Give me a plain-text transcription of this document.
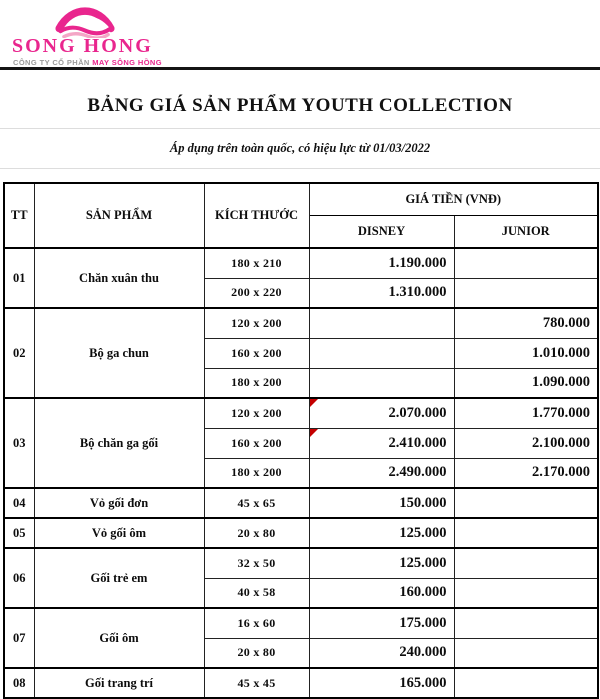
SONG HONG
CÔNG TY CỔ PHẦN MAY SÔNG HỒNG
BẢNG GIÁ SẢN PHẨM YOUTH COLLECTION
Áp dụng trên toàn quốc, có hiệu lực từ 01/03/2022
TT	SẢN PHẨM	KÍCH THƯỚC	GIÁ TIỀN (VNĐ)	
			DISNEY	JUNIOR
01	Chăn xuân thu	180 x 210	1.190.000	
		200 x 220	1.310.000	
02	Bộ ga chun	120 x 200		780.000
		160 x 200		1.010.000
		180 x 200		1.090.000
03	Bộ chăn ga gối	120 x 200	2.070.000	1.770.000
		160 x 200	2.410.000	2.100.000
		180 x 200	2.490.000	2.170.000
04	Vỏ gối đơn	45 x 65	150.000	
05	Vỏ gối ôm	20 x 80	125.000	
06	Gối trẻ em	32 x 50	125.000	
		40 x 58	160.000	
07	Gối ôm	16 x 60	175.000	
		20 x 80	240.000	
08	Gối trang trí	45 x 45	165.000	
